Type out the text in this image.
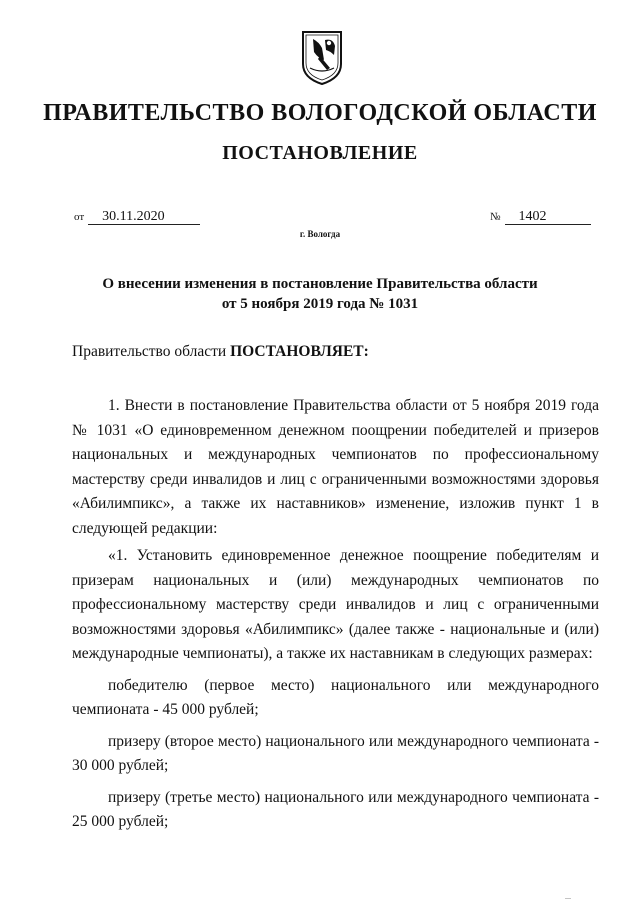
ПРАВИТЕЛЬСТВО ВОЛОГОДСКОЙ ОБЛАСТИ
ПОСТАНОВЛЕНИЕ
от 30.11.2020	№ 1402
г. Вологда
О внесении изменения в постановление Правительства области
от 5 ноября 2019 года № 1031
Правительство области ПОСТАНОВЛЯЕТ:

1. Внести в постановление Правительства области от 5 ноября 2019 года № 1031 «О единовременном денежном поощрении победителей и призеров национальных и международных чемпионатов по профессиональному мастерству среди инвалидов и лиц с ограниченными возможностями здоровья «Абилимпикс», а также их наставников» изменение, изложив пункт 1 в следующей редакции:

«1. Установить единовременное денежное поощрение победителям и призерам национальных и (или) международных чемпионатов по профессиональному мастерству среди инвалидов и лиц с ограниченными возможностями здоровья «Абилимпикс» (далее также - национальные и (или) международные чемпионаты), а также их наставникам в следующих размерах:

победителю (первое место) национального или международного чемпионата - 45 000 рублей;

призеру (второе место) национального или международного чемпионата - 30 000 рублей;

призеру (третье место) национального или международного чемпионата - 25 000 рублей;

...
